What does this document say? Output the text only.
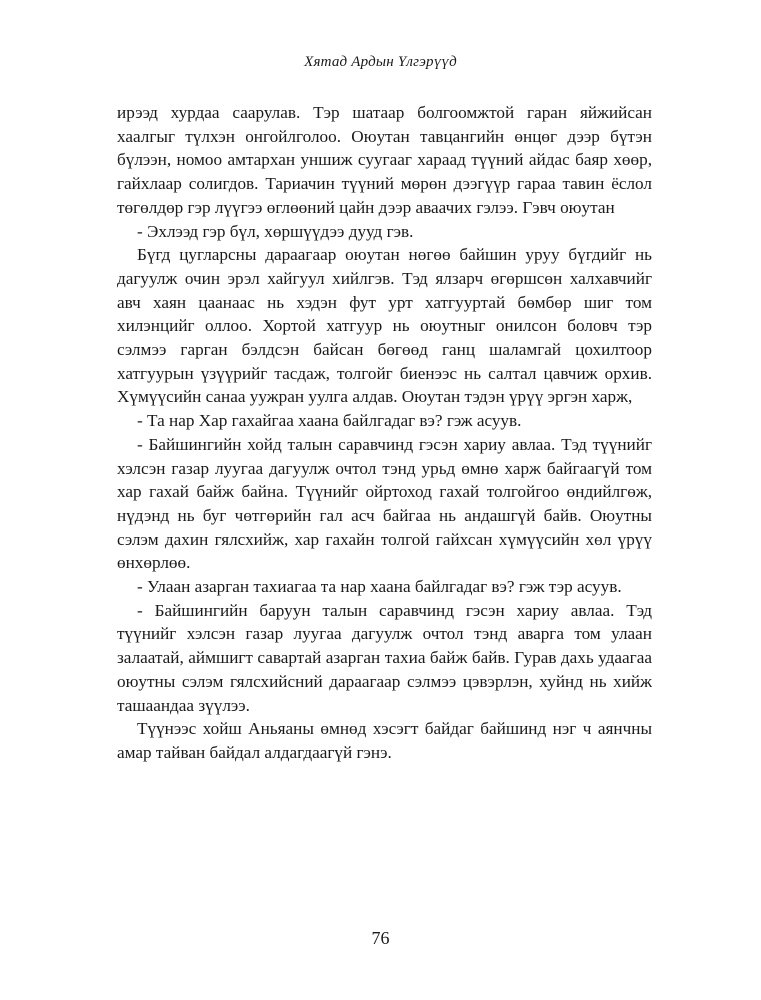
Хятад Ардын Үлгэрүүд

ирээд хурдаа саарулав. Тэр шатаар болгоомжтой гаран яйжийсан хаалгыг түлхэн онгойлголоо. Оюутан тавцангийн өнцөг дээр бүтэн бүлээн, номоо амтархан уншиж суугааг хараад түүний айдас баяр хөөр, гайхлаар солигдов. Тариачин түүний мөрөн дээгүүр гараа тавин ёслол төгөлдөр гэр лүүгээ өглөөний цайн дээр аваачих гэлээ. Гэвч оюутан

- Эхлээд гэр бүл, хөршүүдээ дууд гэв.

Бүгд цугларсны дараагаар оюутан нөгөө байшин уруу бүгдийг нь дагуулж очин эрэл хайгуул хийлгэв. Тэд ялзарч өгөршсөн халхавчийг авч хаян цаанаас нь хэдэн фут урт хатгууртай бөмбөр шиг том хилэнцийг оллоо. Хортой хатгуур нь оюутныг онилсон боловч тэр сэлмээ гарган бэлдсэн байсан бөгөөд ганц шаламгай цохилтоор хатгуурын үзүүрийг тасдаж, толгойг биенээс нь салтал цавчиж орхив. Хүмүүсийн санаа уужран уулга алдав. Оюутан тэдэн үрүү эргэн харж,

- Та нар Хар гахайгаа хаана байлгадаг вэ? гэж асуув.

- Байшингийн хойд талын саравчинд гэсэн хариу авлаа. Тэд түүнийг хэлсэн газар луугаа дагуулж очтол тэнд урьд өмнө харж байгаагүй том хар гахай байж байна. Түүнийг ойртоход гахай толгойгоо өндийлгөж, нүдэнд нь буг чөтгөрийн гал асч байгаа нь андашгүй байв. Оюутны сэлэм дахин гялсхийж, хар гахайн толгой гайхсан хүмүүсийн хөл үрүү өнхөрлөө.

- Улаан азарган тахиагаа та нар хаана байлгадаг вэ? гэж тэр асуув.

- Байшингийн баруун талын саравчинд гэсэн хариу авлаа. Тэд түүнийг хэлсэн газар луугаа дагуулж очтол тэнд аварга том улаан залаатай, аймшигт савартай азарган тахиа байж байв. Гурав дахь удаагаа оюутны сэлэм гялсхийсний дараагаар сэлмээ цэвэрлэн, хуйнд нь хийж ташаандаа зүүлээ.

Түүнээс хойш Аньяаны өмнөд хэсэгт байдаг байшинд нэг ч аянчны амар тайван байдал алдагдаагүй гэнэ.

76
